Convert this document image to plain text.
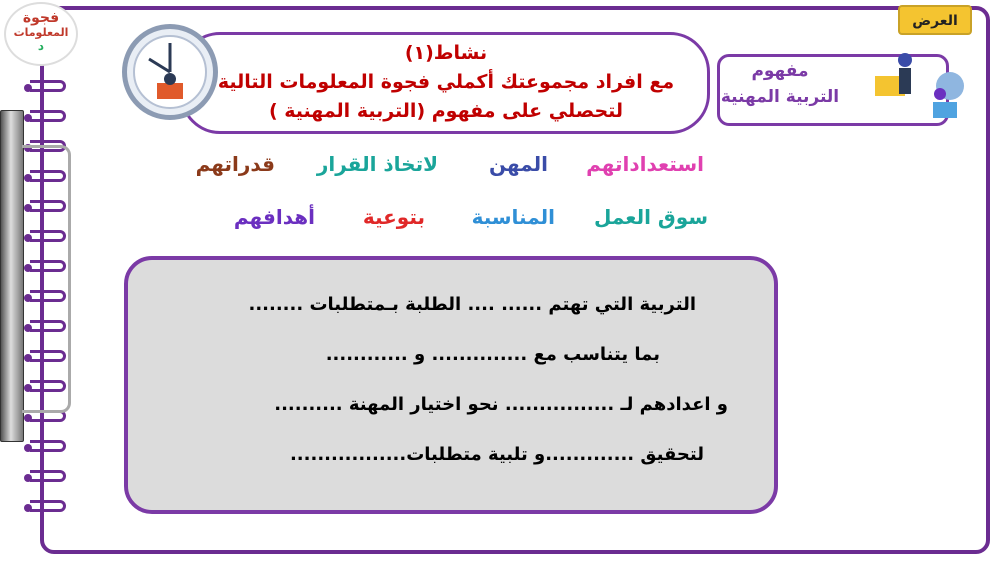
فجوة
المعلومات
د
العرض
نشاط(١)
مع افراد مجموعتك أكملي فجوة المعلومات التالية
لتحصلي على مفهوم (التربية المهنية )
مفهوم
التربية المهنية
استعداداتهم
المهن
لاتخاذ القرار
قدراتهم
سوق العمل
المناسبة
بتوعية
أهدافهم
التربية التي تهتم ...... .... الطلبة بـمتطلبات ........
بما يتناسب مع .............. و ............
و اعدادهم لـ ................ نحو اختيار المهنة ..........
لتحقيق .............و تلبية متطلبات.................
